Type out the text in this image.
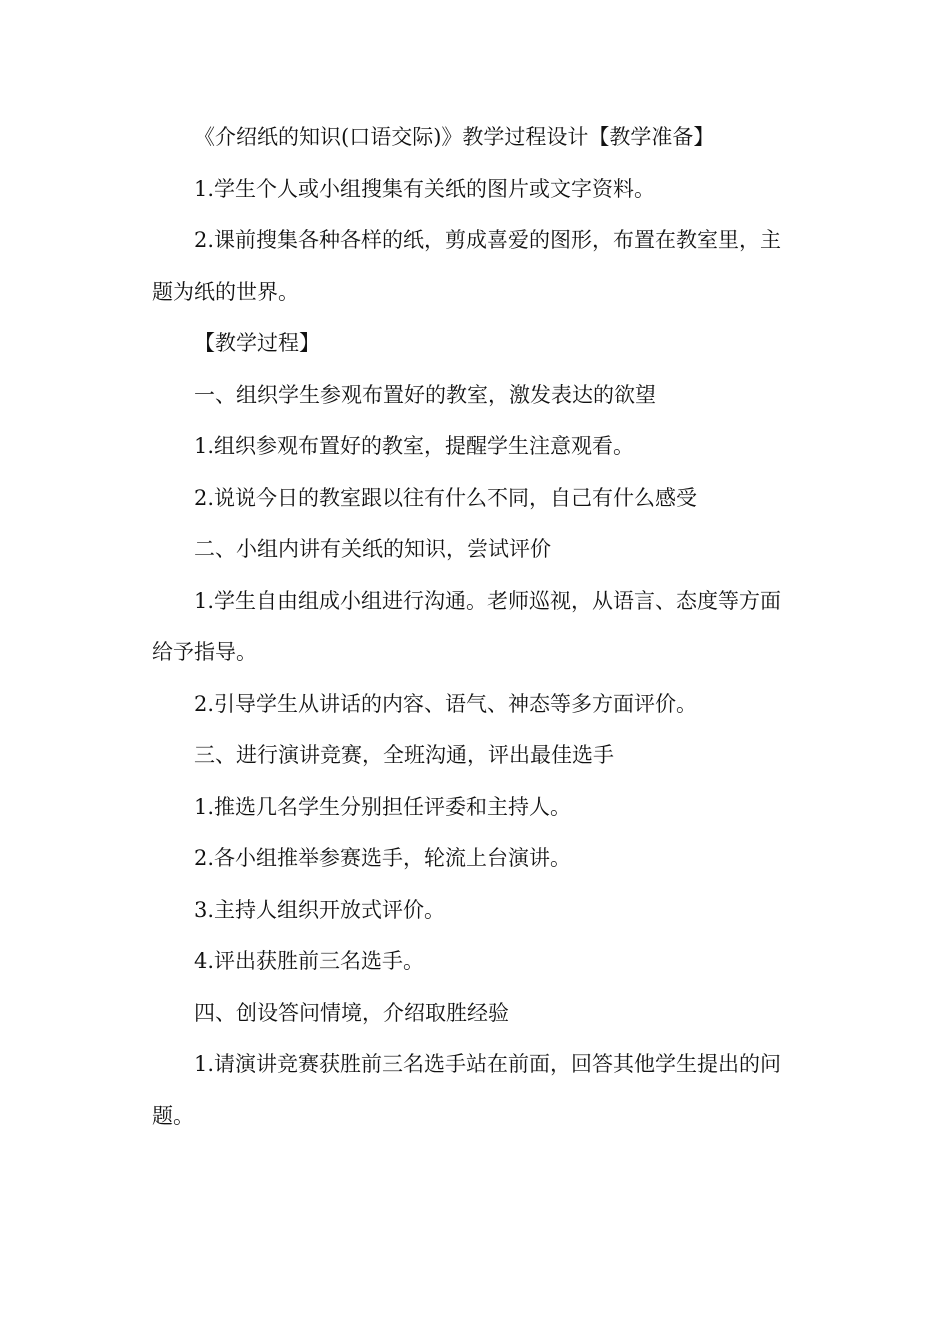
《介绍纸的知识(口语交际)》教学过程设计【教学准备】

1.学生个人或小组搜集有关纸的图片或文字资料。

2.课前搜集各种各样的纸，剪成喜爱的图形，布置在教室里，主题为纸的世界。

【教学过程】

一、组织学生参观布置好的教室，激发表达的欲望

1.组织参观布置好的教室，提醒学生注意观看。

2.说说今日的教室跟以往有什么不同，自己有什么感受

二、小组内讲有关纸的知识，尝试评价

1.学生自由组成小组进行沟通。老师巡视，从语言、态度等方面给予指导。

2.引导学生从讲话的内容、语气、神态等多方面评价。

三、进行演讲竞赛，全班沟通，评出最佳选手

1.推选几名学生分别担任评委和主持人。

2.各小组推举参赛选手，轮流上台演讲。

3.主持人组织开放式评价。

4.评出获胜前三名选手。

四、创设答问情境，介绍取胜经验

1.请演讲竞赛获胜前三名选手站在前面，回答其他学生提出的问题。
